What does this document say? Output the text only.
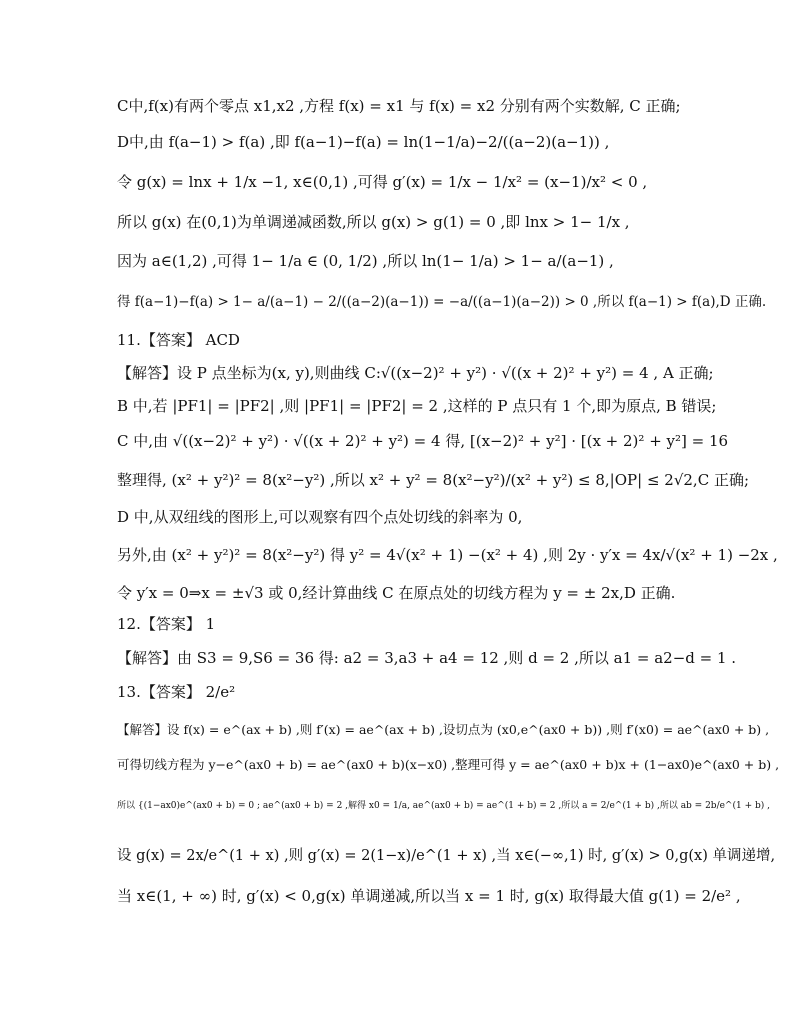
C中,f(x)有两个零点 x1,x2 ,方程 f(x) = x1 与 f(x) = x2 分别有两个实数解, C 正确;
D中,由 f(a−1) > f(a) ,即 f(a−1)−f(a) = ln(1−1/a)−2/((a−2)(a−1)) ,
令 g(x) = lnx + 1/x −1, x∈(0,1) ,可得 g′(x) = 1/x − 1/x² = (x−1)/x² < 0 ,
所以 g(x) 在(0,1)为单调递减函数,所以 g(x) > g(1) = 0 ,即 lnx > 1− 1/x ,
因为 a∈(1,2) ,可得 1− 1/a ∈ (0, 1/2) ,所以 ln(1− 1/a) > 1− a/(a−1) ,
得 f(a−1)−f(a) > 1− a/(a−1) − 2/((a−2)(a−1)) = −a/((a−1)(a−2)) > 0 ,所以 f(a−1) > f(a),D 正确.
11.【答案】 ACD
【解答】设 P 点坐标为(x, y),则曲线 C:√((x−2)² + y²) · √((x + 2)² + y²) = 4 , A 正确;
B 中,若 |PF1| = |PF2| ,则 |PF1| = |PF2| = 2 ,这样的 P 点只有 1 个,即为原点, B 错误;
C 中,由 √((x−2)² + y²) · √((x + 2)² + y²) = 4 得, [(x−2)² + y²] · [(x + 2)² + y²] = 16
整理得, (x² + y²)² = 8(x²−y²) ,所以 x² + y² = 8(x²−y²)/(x² + y²) ≤ 8,|OP| ≤ 2√2,C 正确;
D 中,从双纽线的图形上,可以观察有四个点处切线的斜率为 0,
另外,由 (x² + y²)² = 8(x²−y²) 得 y² = 4√(x² + 1) −(x² + 4) ,则 2y · y′x = 4x/√(x² + 1) −2x ,
令 y′x = 0⇒x = ±√3 或 0,经计算曲线 C 在原点处的切线方程为 y = ± 2x,D 正确.
12.【答案】 1
【解答】由 S3 = 9,S6 = 36 得: a2 = 3,a3 + a4 = 12 ,则 d = 2 ,所以 a1 = a2−d = 1 .
13.【答案】 2/e²
【解答】设 f(x) = e^(ax + b) ,则 f′(x) = ae^(ax + b) ,设切点为 (x0,e^(ax0 + b)) ,则 f′(x0) = ae^(ax0 + b) ,
可得切线方程为 y−e^(ax0 + b) = ae^(ax0 + b)(x−x0) ,整理可得 y = ae^(ax0 + b)x + (1−ax0)e^(ax0 + b) ,
所以 {(1−ax0)e^(ax0 + b) = 0 ; ae^(ax0 + b) = 2 ,解得 x0 = 1/a, ae^(ax0 + b) = ae^(1 + b) = 2 ,所以 a = 2/e^(1 + b) ,所以 ab = 2b/e^(1 + b) ,
设 g(x) = 2x/e^(1 + x) ,则 g′(x) = 2(1−x)/e^(1 + x) ,当 x∈(−∞,1) 时, g′(x) > 0,g(x) 单调递增,
当 x∈(1, + ∞) 时, g′(x) < 0,g(x) 单调递减,所以当 x = 1 时, g(x) 取得最大值 g(1) = 2/e² ,
